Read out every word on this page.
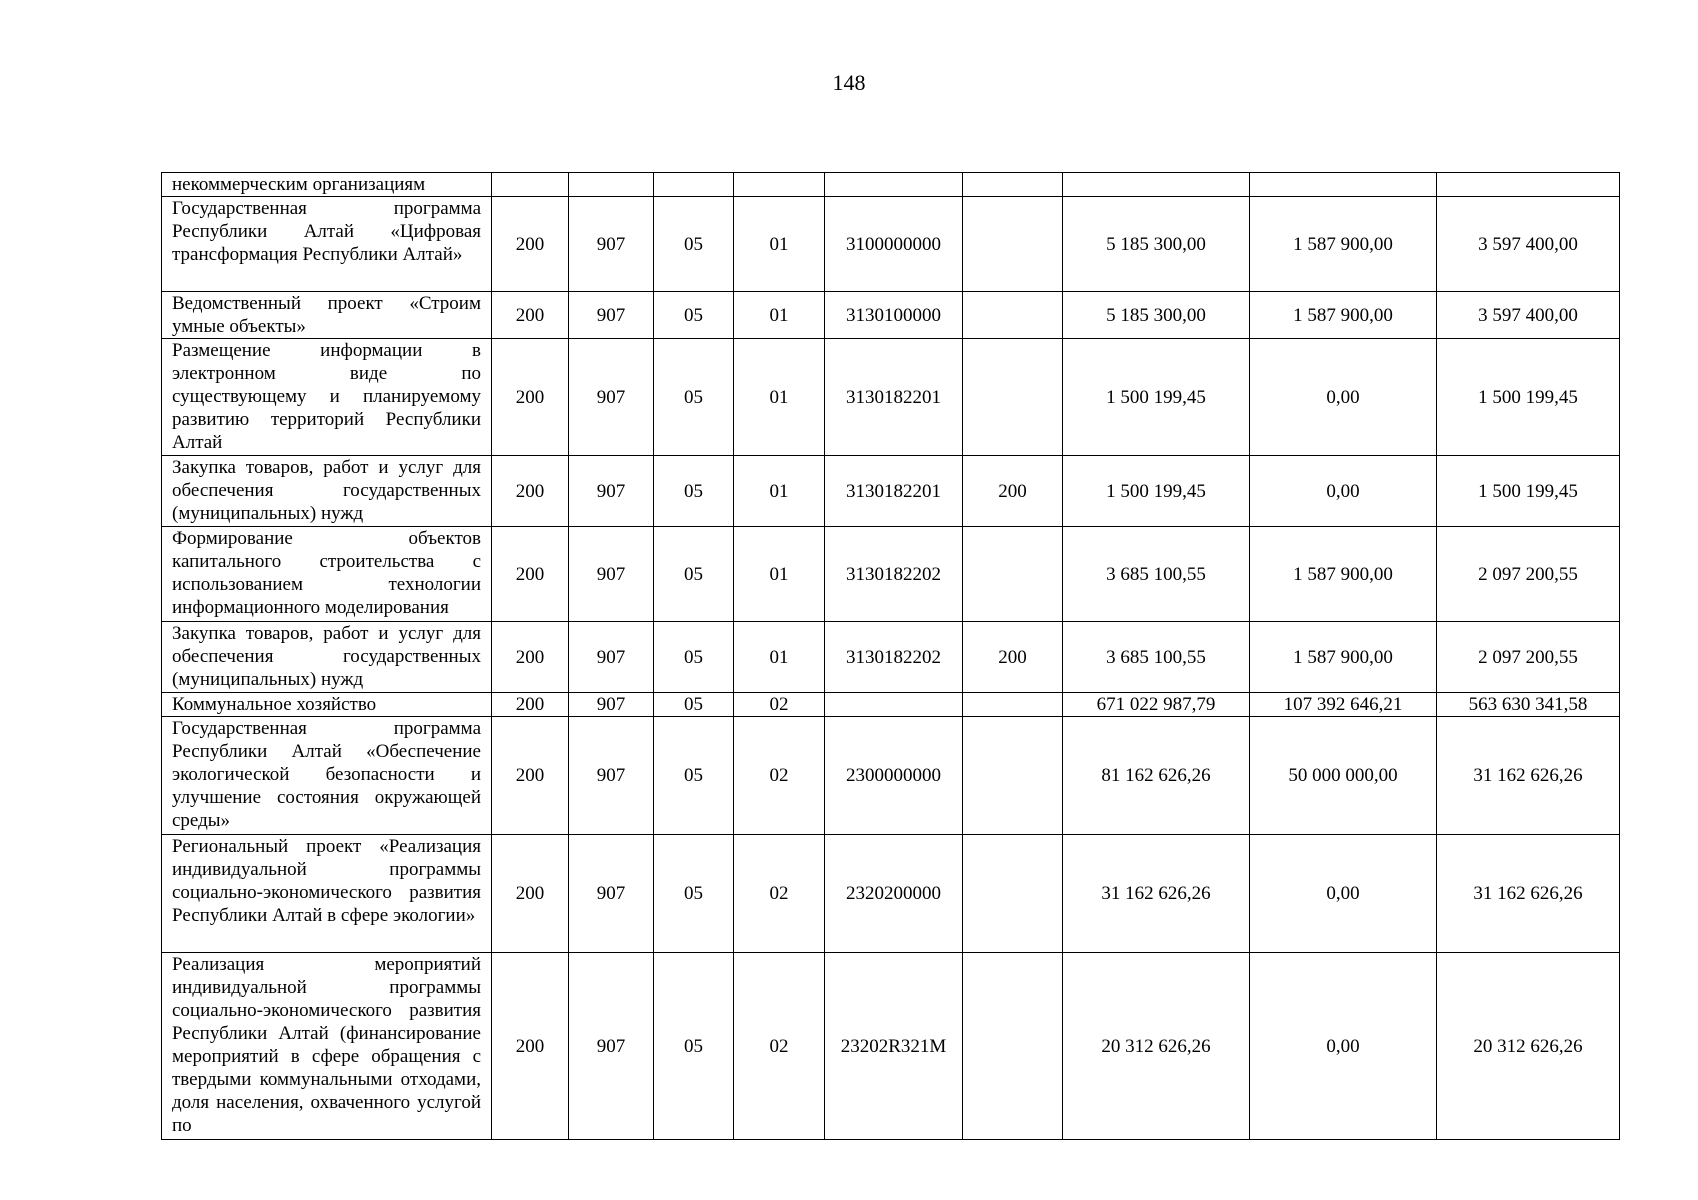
148
некоммерческим организациям									
Государственная программа Республики Алтай «Цифровая трансформация Республики Алтай»	200	907	05	01	3100000000		5 185 300,00	1 587 900,00	3 597 400,00
Ведомственный проект «Строим умные объекты»	200	907	05	01	3130100000		5 185 300,00	1 587 900,00	3 597 400,00
Размещение информации в электронном виде по существующему и планируемому развитию территорий Республики Алтай	200	907	05	01	3130182201		1 500 199,45	0,00	1 500 199,45
Закупка товаров, работ и услуг для обеспечения государственных (муниципальных) нужд	200	907	05	01	3130182201	200	1 500 199,45	0,00	1 500 199,45
Формирование объектов капитального строительства с использованием технологии информационного моделирования	200	907	05	01	3130182202		3 685 100,55	1 587 900,00	2 097 200,55
Закупка товаров, работ и услуг для обеспечения государственных (муниципальных) нужд	200	907	05	01	3130182202	200	3 685 100,55	1 587 900,00	2 097 200,55
Коммунальное хозяйство	200	907	05	02			671 022 987,79	107 392 646,21	563 630 341,58
Государственная программа Республики Алтай «Обеспечение экологической безопасности и улучшение состояния окружающей среды»	200	907	05	02	2300000000		81 162 626,26	50 000 000,00	31 162 626,26
Региональный проект «Реализация индивидуальной программы социально-экономического развития Республики Алтай в сфере экологии»	200	907	05	02	2320200000		31 162 626,26	0,00	31 162 626,26
Реализация мероприятий индивидуальной программы социально-экономического развития Республики Алтай (финансирование мероприятий в сфере обращения с твердыми коммунальными отходами, доля населения, охваченного услугой по	200	907	05	02	23202R321M		20 312 626,26	0,00	20 312 626,26
